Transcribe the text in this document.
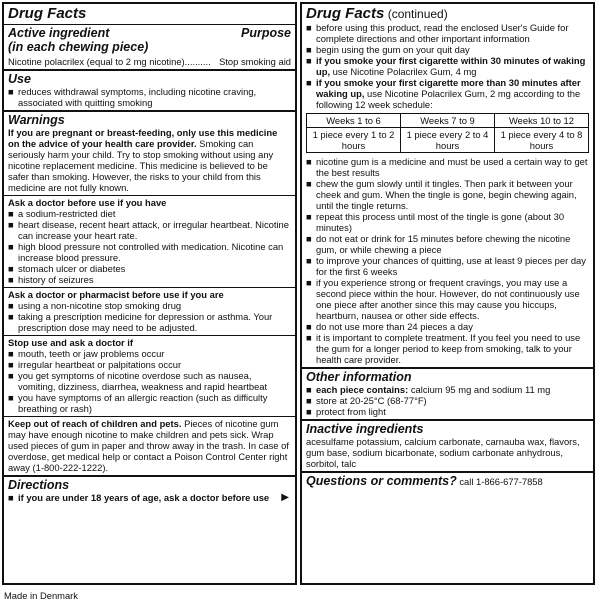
Drug Facts
Active ingredient	Purpose
(in each chewing piece)
Nicotine polacrilex (equal to 2 mg nicotine).......... Stop smoking aid
Use
■ reduces withdrawal symptoms, including nicotine craving, associated with quitting smoking
Warnings
If you are pregnant or breast-feeding, only use this medicine on the advice of your health care provider. Smoking can seriously harm your child. Try to stop smoking without using any nicotine replacement medicine. This medicine is believed to be safer than smoking. However, the risks to your child from this medicine are not fully known.
Ask a doctor before use if you have
■ a sodium-restricted diet
■ heart disease, recent heart attack, or irregular heartbeat. Nicotine can increase your heart rate.
■ high blood pressure not controlled with medication. Nicotine can increase blood pressure.
■ stomach ulcer or diabetes
■ history of seizures
Ask a doctor or pharmacist before use if you are
■ using a non-nicotine stop smoking drug
■ taking a prescription medicine for depression or asthma. Your prescription dose may need to be adjusted.
Stop use and ask a doctor if
■ mouth, teeth or jaw problems occur
■ irregular heartbeat or palpitations occur
■ you get symptoms of nicotine overdose such as nausea, vomiting, dizziness, diarrhea, weakness and rapid heartbeat
■ you have symptoms of an allergic reaction (such as difficulty breathing or rash)
Keep out of reach of children and pets. Pieces of nicotine gum may have enough nicotine to make children and pets sick. Wrap used pieces of gum in paper and throw away in the trash. In case of overdose, get medical help or contact a Poison Control Center right away (1-800-222-1222).
Directions
■ if you are under 18 years of age, ask a doctor before use	▶
Drug Facts (continued)
■ before using this product, read the enclosed User's Guide for complete directions and other important information
■ begin using the gum on your quit day
■ if you smoke your first cigarette within 30 minutes of waking up, use Nicotine Polacrilex Gum, 4 mg
■ if you smoke your first cigarette more than 30 minutes after waking up, use Nicotine Polacrilex Gum, 2 mg according to the following 12 week schedule:
Weeks 1 to 6	Weeks 7 to 9	Weeks 10 to 12
1 piece every 1 to 2 hours	1 piece every 2 to 4 hours	1 piece every 4 to 8 hours
■ nicotine gum is a medicine and must be used a certain way to get the best results
■ chew the gum slowly until it tingles. Then park it between your cheek and gum. When the tingle is gone, begin chewing again, until the tingle returns.
■ repeat this process until most of the tingle is gone (about 30 minutes)
■ do not eat or drink for 15 minutes before chewing the nicotine gum, or while chewing a piece
■ to improve your chances of quitting, use at least 9 pieces per day for the first 6 weeks
■ if you experience strong or frequent cravings, you may use a second piece within the hour. However, do not continuously use one piece after another since this may cause you hiccups, heartburn, nausea or other side effects.
■ do not use more than 24 pieces a day
■ it is important to complete treatment. If you feel you need to use the gum for a longer period to keep from smoking, talk to your health care provider.
Other information
■ each piece contains: calcium 95 mg and sodium 11 mg
■ store at 20-25°C (68-77°F)
■ protect from light
Inactive ingredients
acesulfame potassium, calcium carbonate, carnauba wax, flavors, gum base, sodium bicarbonate, sodium carbonate anhydrous, sorbitol, talc
Questions or comments? call 1-866-677-7858
Made in Denmark
